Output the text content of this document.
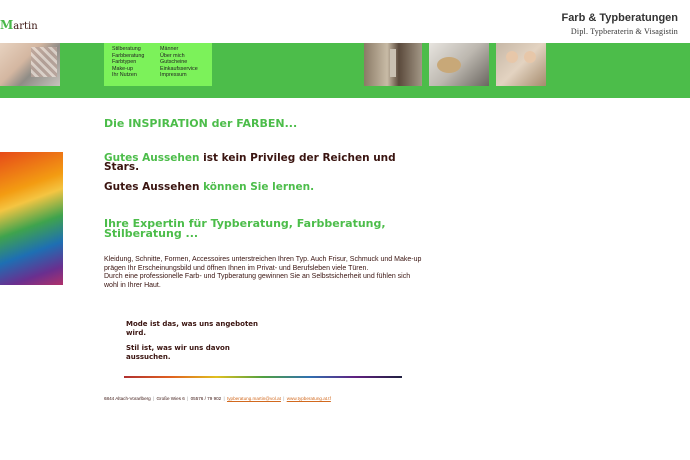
Martin
Farb & Typberatungen
Dipl. Typberaterin & Visagistin
Stilberatung
Farbberatung
Farbtypen
Make-up
Ihr Nutzen
Männer
Über mich
Gutscheine
Einkaufsservice
Impressum
Die INSPIRATION der FARBEN...
Gutes Aussehen ist kein Privileg der Reichen und Stars.
Gutes Aussehen können Sie lernen.
Ihre Expertin für Typberatung, Farbberatung, Stilberatung ...
Kleidung, Schnitte, Formen, Accessoires unterstreichen Ihren Typ. Auch Frisur, Schmuck und Make-up prägen Ihr Erscheinungsbild und öffnen Ihnen im Privat- und Berufsleben viele Türen.
Durch eine professionelle Farb- und Typberatung gewinnen Sie an Selbstsicherheit und fühlen sich wohl in Ihrer Haut.
Mode ist das, was uns angeboten wird.
Stil ist, was wir uns davon aussuchen.
6844 Altach-Vorarlberg | Große Wies 6 | 05576 / 79 902 | typberatung.martin@vol.at | www.typberatung.at.tf
